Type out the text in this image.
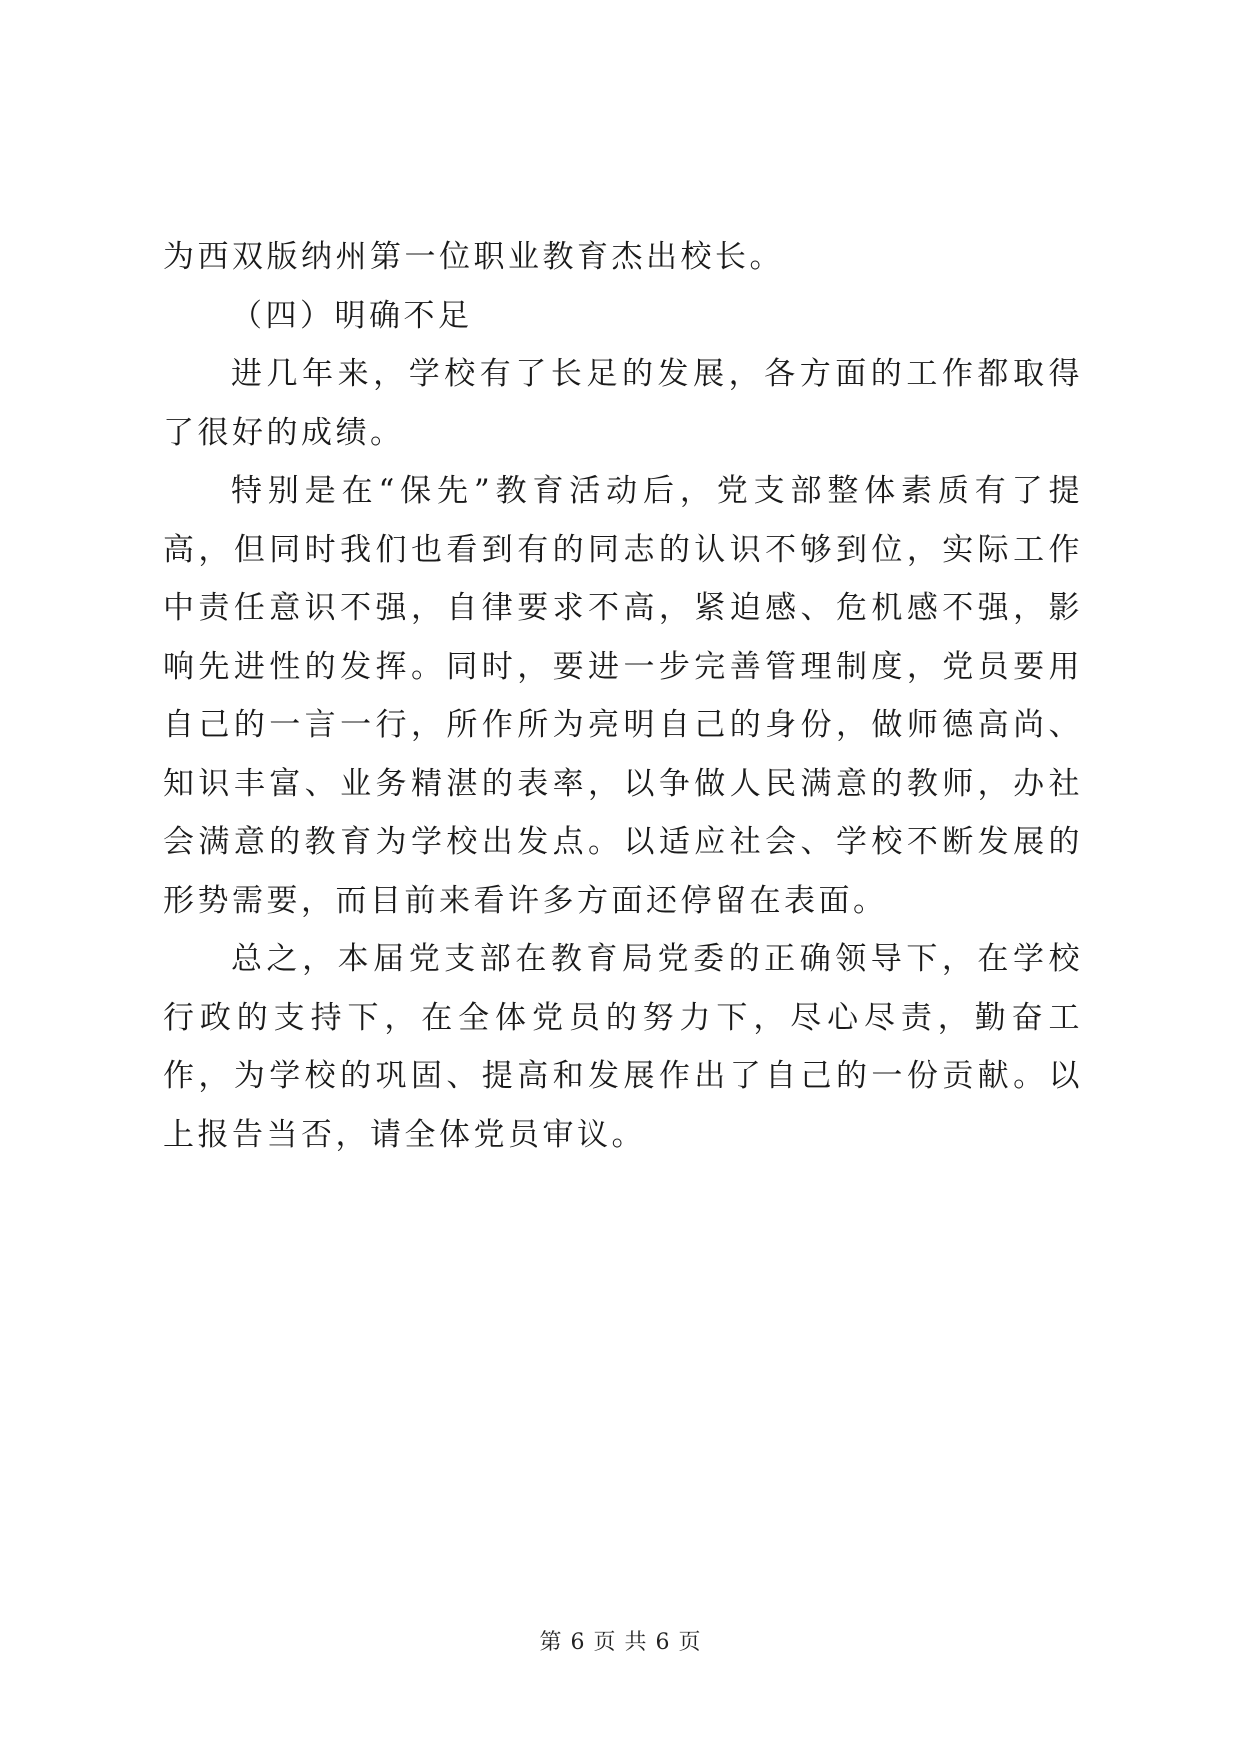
为西双版纳州第一位职业教育杰出校长。

（四）明确不足

进几年来，学校有了长足的发展，各方面的工作都取得了很好的成绩。

特别是在“保先”教育活动后，党支部整体素质有了提高，但同时我们也看到有的同志的认识不够到位，实际工作中责任意识不强，自律要求不高，紧迫感、危机感不强，影响先进性的发挥。同时，要进一步完善管理制度，党员要用自己的一言一行，所作所为亮明自己的身份，做师德高尚、知识丰富、业务精湛的表率，以争做人民满意的教师，办社会满意的教育为学校出发点。以适应社会、学校不断发展的形势需要，而目前来看许多方面还停留在表面。

总之，本届党支部在教育局党委的正确领导下，在学校行政的支持下，在全体党员的努力下，尽心尽责，勤奋工作，为学校的巩固、提高和发展作出了自己的一份贡献。以上报告当否，请全体党员审议。

第 6 页 共 6 页
